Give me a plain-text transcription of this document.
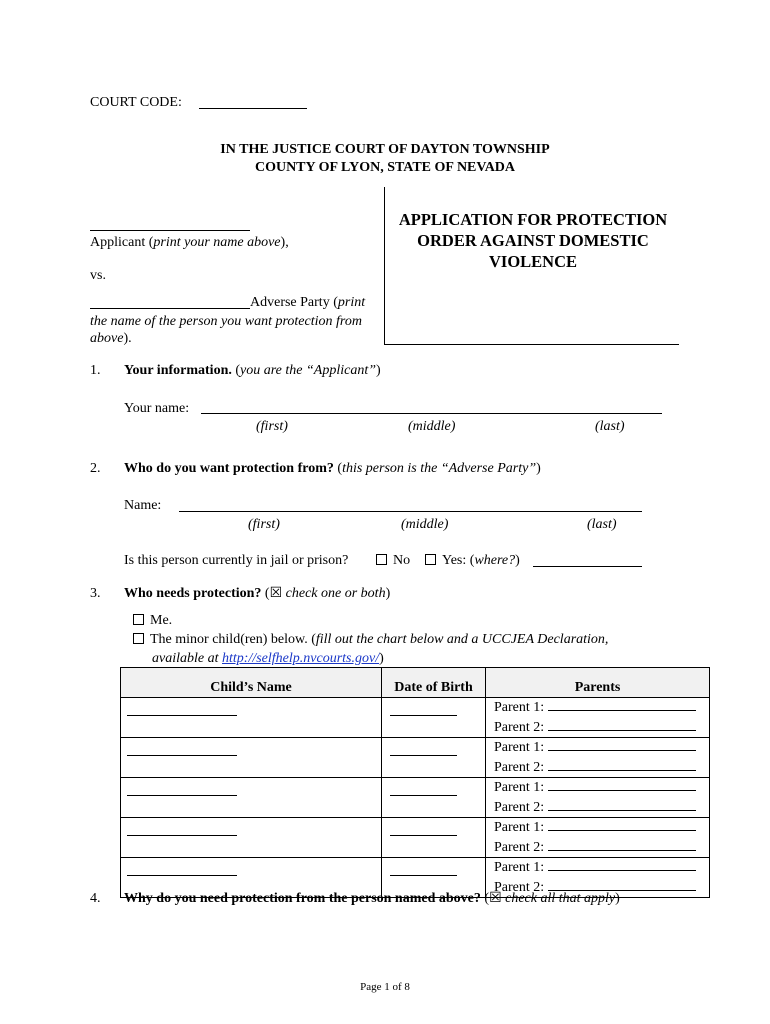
COURT CODE:
IN THE JUSTICE COURT OF DAYTON TOWNSHIP
COUNTY OF LYON, STATE OF NEVADA
APPLICATION FOR PROTECTION
ORDER AGAINST DOMESTIC
VIOLENCE
Applicant (print your name above),
vs.
Adverse Party (print
the name of the person you want protection from
above).
1. Your information. (you are the “Applicant”)
Your name:
(first)	(middle)	(last)
2. Who do you want protection from? (this person is the “Adverse Party”)
Name:
(first)	(middle)	(last)
Is this person currently in jail or prison?	No	Yes: (where?)
3. Who needs protection? (☒ check one or both)
Me.
The minor child(ren) below. (fill out the chart below and a UCCJEA Declaration,
available at http://selfhelp.nvcourts.gov/)
Child’s Name	Date of Birth	Parents

		Parent 1:
Parent 2:

		Parent 1:
Parent 2:

		Parent 1:
Parent 2:

		Parent 1:
Parent 2:

		Parent 1:
Parent 2:
4. Why do you need protection from the person named above? (☒ check all that apply)
Page 1 of 8
